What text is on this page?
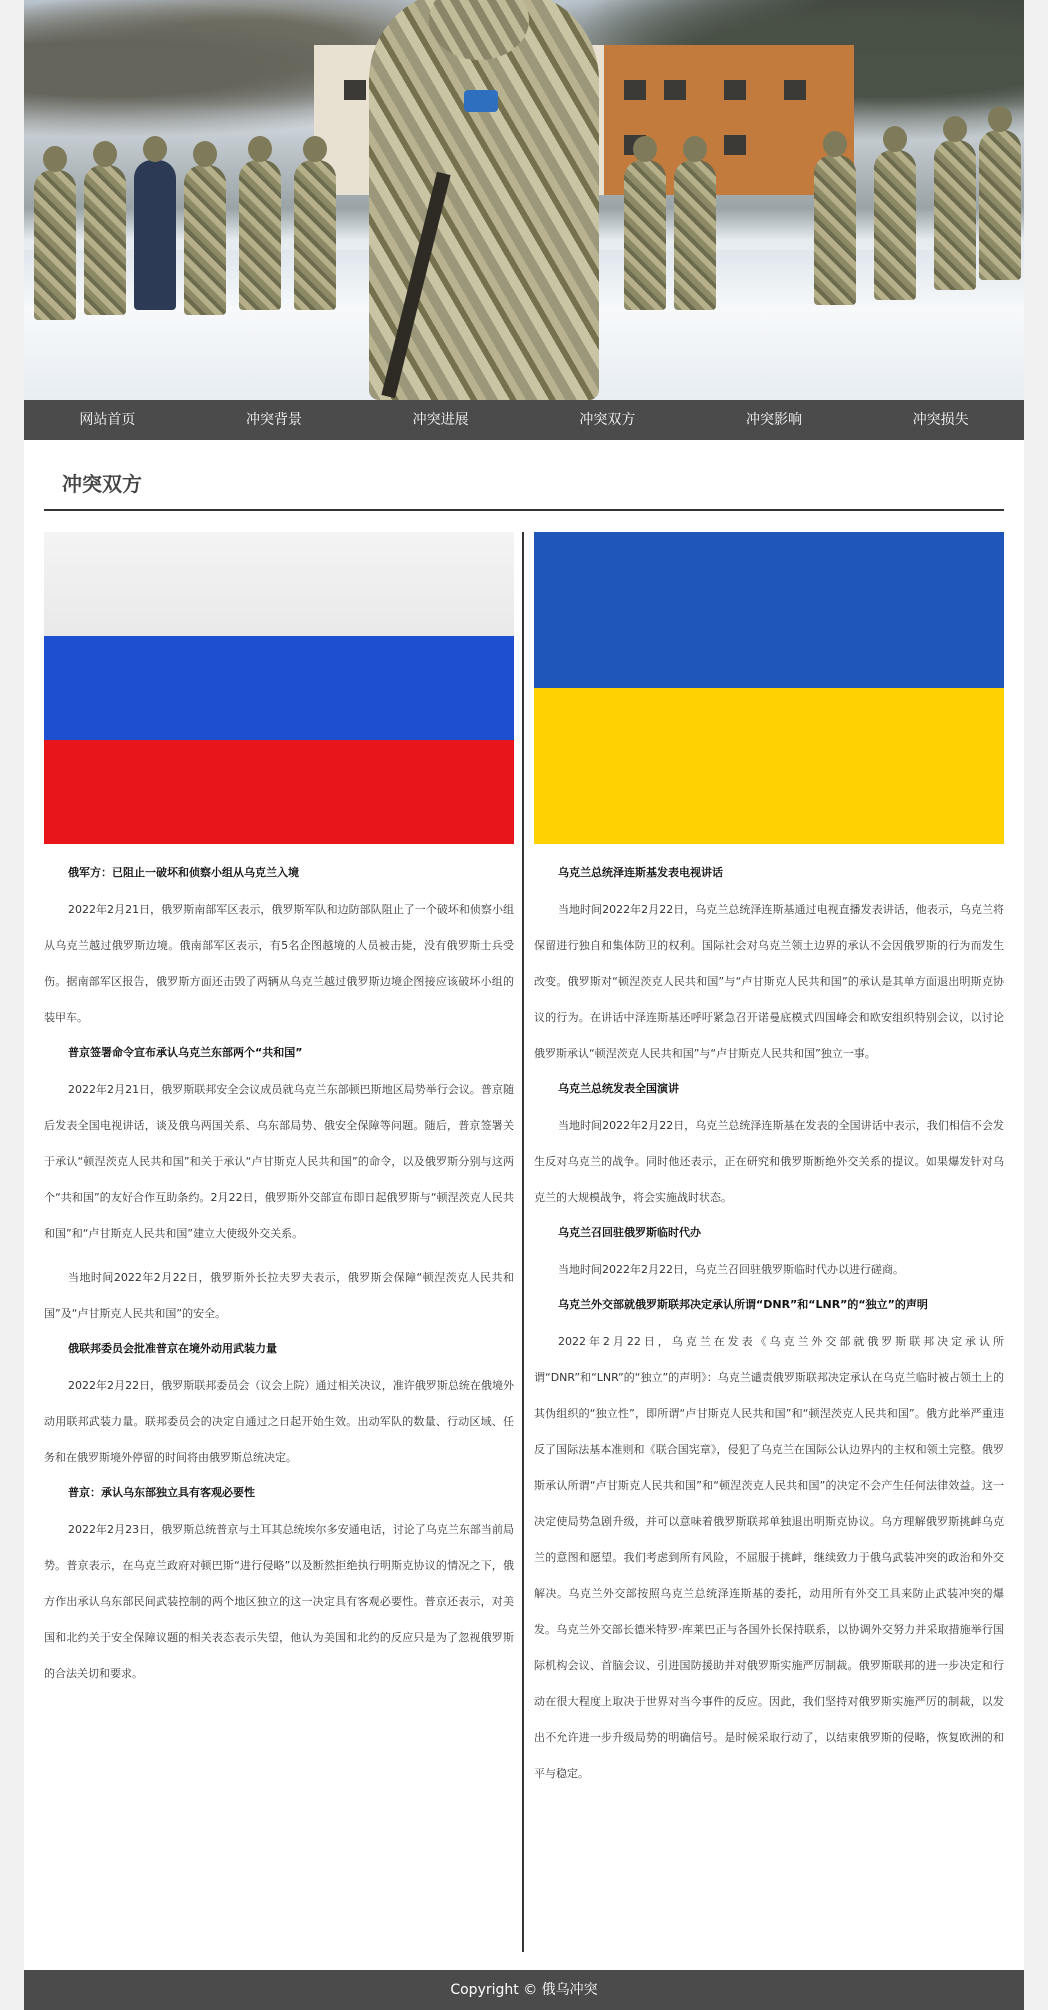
网站首页	冲突背景	冲突进展	冲突双方	冲突影响	冲突损失
冲突双方
俄军方：已阻止一破坏和侦察小组从乌克兰入境

2022年2月21日，俄罗斯南部军区表示，俄罗斯军队和边防部队阻止了一个破坏和侦察小组从乌克兰越过俄罗斯边境。俄南部军区表示，有5名企图越境的人员被击毙，没有俄罗斯士兵受伤。据南部军区报告，俄罗斯方面还击毁了两辆从乌克兰越过俄罗斯边境企图接应该破坏小组的装甲车。

普京签署命令宣布承认乌克兰东部两个“共和国”

2022年2月21日，俄罗斯联邦安全会议成员就乌克兰东部顿巴斯地区局势举行会议。普京随后发表全国电视讲话，谈及俄乌两国关系、乌东部局势、俄安全保障等问题。随后，普京签署关于承认“顿涅茨克人民共和国”和关于承认“卢甘斯克人民共和国”的命令，以及俄罗斯分别与这两个“共和国”的友好合作互助条约。2月22日，俄罗斯外交部宣布即日起俄罗斯与“顿涅茨克人民共和国”和“卢甘斯克人民共和国”建立大使级外交关系。

当地时间2022年2月22日，俄罗斯外长拉夫罗夫表示，俄罗斯会保障“顿涅茨克人民共和国”及“卢甘斯克人民共和国”的安全。

俄联邦委员会批准普京在境外动用武装力量

2022年2月22日，俄罗斯联邦委员会（议会上院）通过相关决议，准许俄罗斯总统在俄境外动用联邦武装力量。联邦委员会的决定自通过之日起开始生效。出动军队的数量、行动区域、任务和在俄罗斯境外停留的时间将由俄罗斯总统决定。

普京：承认乌东部独立具有客观必要性

2022年2月23日，俄罗斯总统普京与土耳其总统埃尔多安通电话，讨论了乌克兰东部当前局势。普京表示，在乌克兰政府对顿巴斯“进行侵略”以及断然拒绝执行明斯克协议的情况之下，俄方作出承认乌东部民间武装控制的两个地区独立的这一决定具有客观必要性。普京还表示，对美国和北约关于安全保障议题的相关表态表示失望，他认为美国和北约的反应只是为了忽视俄罗斯的合法关切和要求。

乌克兰总统泽连斯基发表电视讲话

当地时间2022年2月22日，乌克兰总统泽连斯基通过电视直播发表讲话，他表示，乌克兰将保留进行独自和集体防卫的权利。国际社会对乌克兰领土边界的承认不会因俄罗斯的行为而发生改变。俄罗斯对“顿涅茨克人民共和国”与“卢甘斯克人民共和国”的承认是其单方面退出明斯克协议的行为。在讲话中泽连斯基还呼吁紧急召开诺曼底模式四国峰会和欧安组织特别会议，以讨论俄罗斯承认“顿涅茨克人民共和国”与“卢甘斯克人民共和国”独立一事。

乌克兰总统发表全国演讲

当地时间2022年2月22日，乌克兰总统泽连斯基在发表的全国讲话中表示，我们相信不会发生反对乌克兰的战争。同时他还表示，正在研究和俄罗斯断绝外交关系的提议。如果爆发针对乌克兰的大规模战争，将会实施战时状态。

乌克兰召回驻俄罗斯临时代办

当地时间2022年2月22日，乌克兰召回驻俄罗斯临时代办以进行磋商。

乌克兰外交部就俄罗斯联邦决定承认所谓“DNR”和“LNR”的“独立”的声明

2022年2月22日，乌克兰在发表《乌克兰外交部就俄罗斯联邦决定承认所谓“DNR”和“LNR”的“独立”的声明》：乌克兰谴责俄罗斯联邦决定承认在乌克兰临时被占领土上的其伪组织的“独立性”，即所谓“卢甘斯克人民共和国”和“顿涅茨克人民共和国”。俄方此举严重违反了国际法基本准则和《联合国宪章》，侵犯了乌克兰在国际公认边界内的主权和领土完整。俄罗斯承认所谓“卢甘斯克人民共和国”和“顿涅茨克人民共和国”的决定不会产生任何法律效益。这一决定使局势急剧升级，并可以意味着俄罗斯联邦单独退出明斯克协议。乌方理解俄罗斯挑衅乌克兰的意图和愿望。我们考虑到所有风险，不屈服于挑衅，继续致力于俄乌武装冲突的政治和外交解决。乌克兰外交部按照乌克兰总统泽连斯基的委托，动用所有外交工具来防止武装冲突的爆发。乌克兰外交部长德米特罗·库莱巴正与各国外长保持联系，以协调外交努力并采取措施举行国际机构会议、首脑会议、引进国防援助并对俄罗斯实施严厉制裁。俄罗斯联邦的进一步决定和行动在很大程度上取决于世界对当今事件的反应。因此，我们坚持对俄罗斯实施严厉的制裁，以发出不允许进一步升级局势的明确信号。是时候采取行动了，以结束俄罗斯的侵略，恢复欧洲的和平与稳定。

Copyright © 俄乌冲突
